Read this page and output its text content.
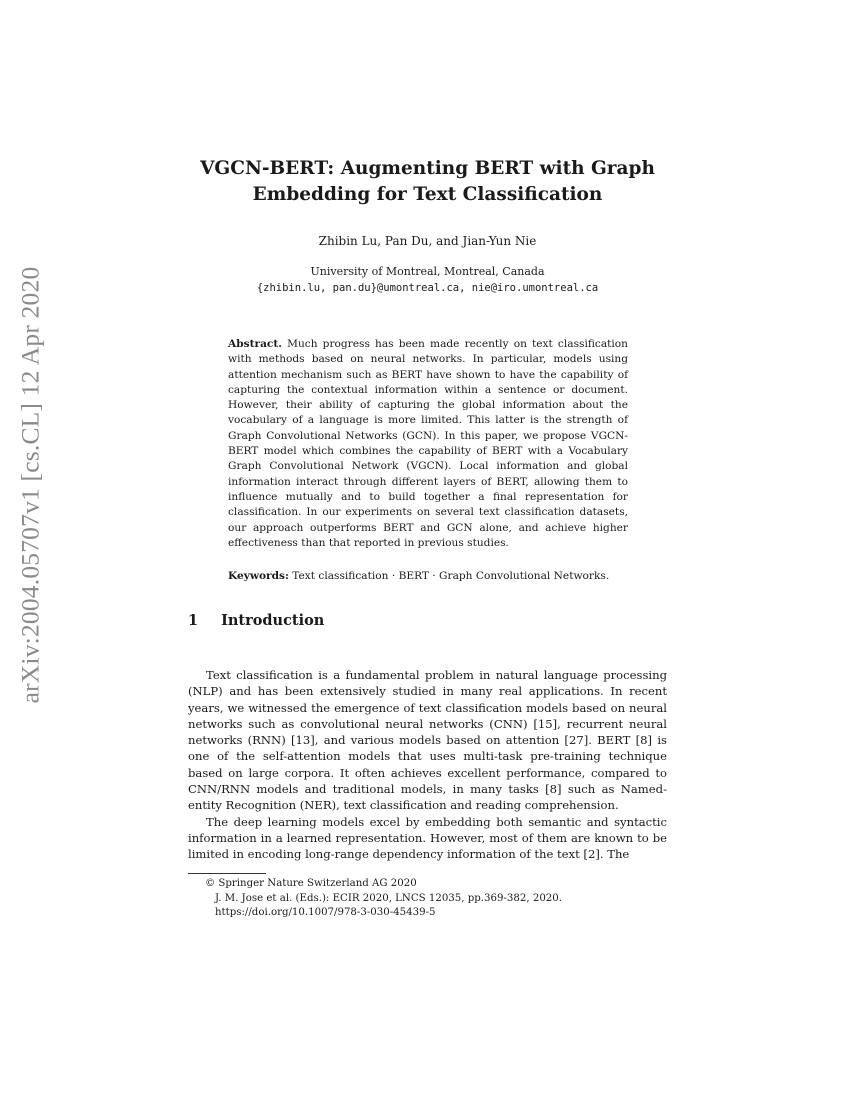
arXiv:2004.05707v1 [cs.CL] 12 Apr 2020
VGCN-BERT: Augmenting BERT with Graph
Embedding for Text Classification
Zhibin Lu, Pan Du, and Jian-Yun Nie
University of Montreal, Montreal, Canada
{zhibin.lu, pan.du}@umontreal.ca, nie@iro.umontreal.ca
Abstract. Much progress has been made recently on text classification with methods based on neural networks. In particular, models using attention mechanism such as BERT have shown to have the capability of capturing the contextual information within a sentence or document. However, their ability of capturing the global information about the vocabulary of a language is more limited. This latter is the strength of Graph Convolutional Networks (GCN). In this paper, we propose VGCN-BERT model which combines the capability of BERT with a Vocabulary Graph Convolutional Network (VGCN). Local information and global information interact through different layers of BERT, allowing them to influence mutually and to build together a final representation for classification. In our experiments on several text classification datasets, our approach outperforms BERT and GCN alone, and achieve higher effectiveness than that reported in previous studies.
Keywords: Text classification · BERT · Graph Convolutional Networks.
1 Introduction

Text classification is a fundamental problem in natural language processing (NLP) and has been extensively studied in many real applications. In recent years, we witnessed the emergence of text classification models based on neural networks such as convolutional neural networks (CNN) [15], recurrent neural networks (RNN) [13], and various models based on attention [27]. BERT [8] is one of the self-attention models that uses multi-task pre-training technique based on large corpora. It often achieves excellent performance, compared to CNN/RNN models and traditional models, in many tasks [8] such as Named-entity Recognition (NER), text classification and reading comprehension.

The deep learning models excel by embedding both semantic and syntactic information in a learned representation. However, most of them are known to be limited in encoding long-range dependency information of the text [2]. The

© Springer Nature Switzerland AG 2020
J. M. Jose et al. (Eds.): ECIR 2020, LNCS 12035, pp.369-382, 2020.
https://doi.org/10.1007/978-3-030-45439-5
